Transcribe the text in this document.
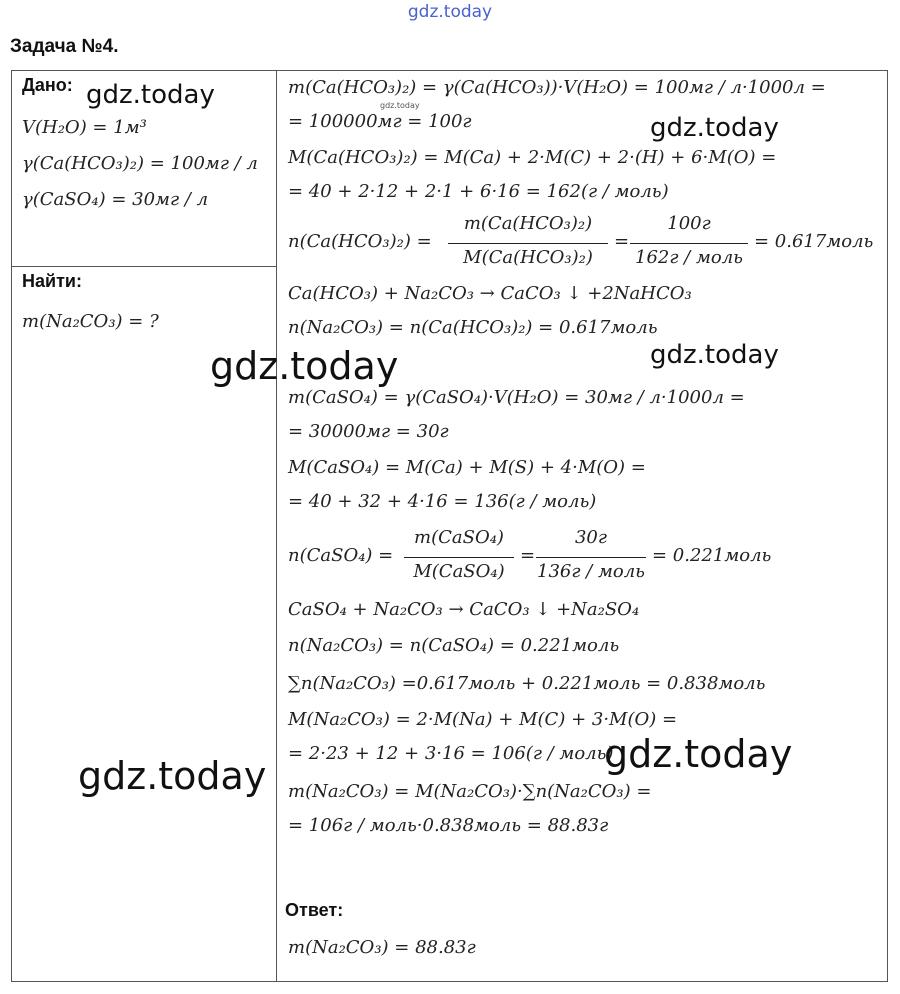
gdz.today
Задача №4.
Дано:
V(H₂O) = 1м³
γ(Ca(HCO₃)₂) = 100мг / л
γ(CaSO₄) = 30мг / л
Найти:
m(Na₂CO₃) = ?
m(Ca(HCO₃)₂) = γ(Ca(HCO₃))·V(H₂O) = 100мг / л·1000л =
= 100000мг = 100г
M(Ca(HCO₃)₂) = M(Ca) + 2·M(C) + 2·(H) + 6·M(O) =
= 40 + 2·12 + 2·1 + 6·16 = 162(г / моль)
n(Ca(HCO₃)₂) =
m(Ca(HCO₃)₂)
M(Ca(HCO₃)₂)
=
100г
162г / моль
= 0.617моль
Ca(HCO₃) + Na₂CO₃ → CaCO₃ ↓ +2NaHCO₃
n(Na₂CO₃) = n(Ca(HCO₃)₂) = 0.617моль
m(CaSO₄) = γ(CaSO₄)·V(H₂O) = 30мг / л·1000л =
= 30000мг = 30г
M(CaSO₄) = M(Ca) + M(S) + 4·M(O) =
= 40 + 32 + 4·16 = 136(г / моль)
n(CaSO₄) =
m(CaSO₄)
M(CaSO₄)
=
30г
136г / моль
= 0.221моль
CaSO₄ + Na₂CO₃ → CaCO₃ ↓ +Na₂SO₄
n(Na₂CO₃) = n(CaSO₄) = 0.221моль
∑n(Na₂CO₃) =0.617моль + 0.221моль = 0.838моль
M(Na₂CO₃) = 2·M(Na) + M(C) + 3·M(O) =
= 2·23 + 12 + 3·16 = 106(г / моль)
m(Na₂CO₃) = M(Na₂CO₃)·∑n(Na₂CO₃) =
= 106г / моль·0.838моль = 88.83г
m(Na₂CO₃) = 88.83г
Ответ:
gdz.today	gdz.today
gdz.today
gdz.today
gdz.today
gdz.today
gdz.today
